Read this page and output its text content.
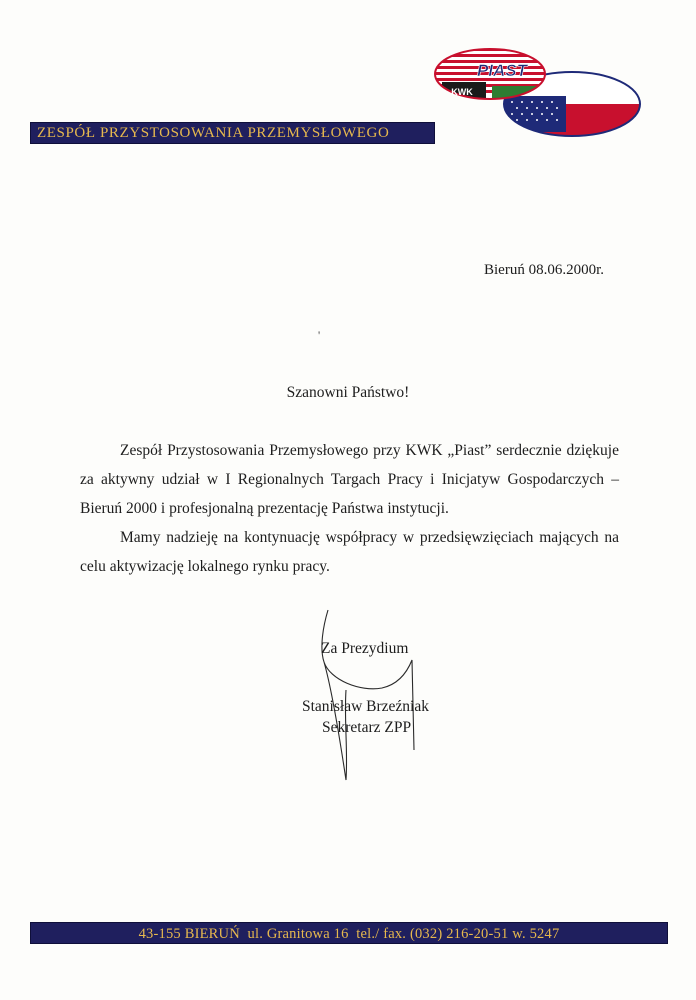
PIAST
KWK
ZESPÓŁ PRZYSTOSOWANIA PRZEMYSŁOWEGO
Bieruń 08.06.2000r.
'
Szanowni Państwo!

Zespół Przystosowania Przemysłowego przy KWK „Piast” serdecznie dziękuje za aktywny udział w I Regionalnych Targach Pracy i Inicjatyw Gospodarczych – Bieruń 2000 i profesjonalną prezentację Państwa instytucji.

Mamy nadzieję na kontynuację współpracy w przedsięwzięciach mających na celu aktywizację lokalnego rynku pracy.

Za Prezydium
Stanisław Brzeźniak
Sekretarz ZPP
43-155 BIERUŃ  ul. Granitowa 16  tel./ fax. (032) 216-20-51 w. 5247
